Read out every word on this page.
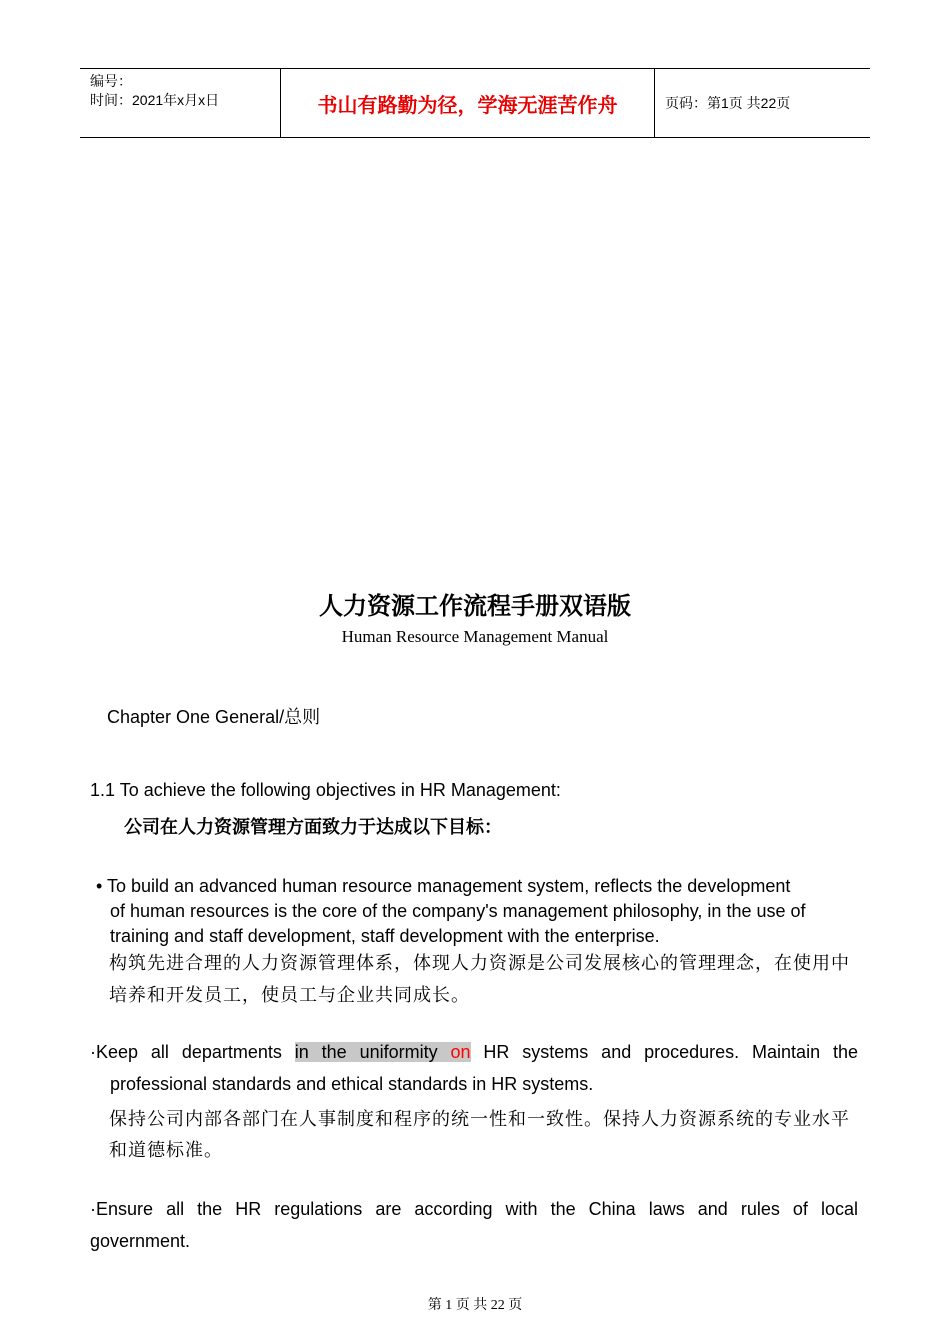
编号：
时间：2021年x月x日	书山有路勤为径，学海无涯苦作舟	页码：第1页 共22页
人力资源工作流程手册双语版
Human Resource Management Manual
Chapter One General/总则
1.1 To achieve the following objectives in HR Management:
公司在人力资源管理方面致力于达成以下目标：
• To build an advanced human resource management system, reflects the development
of human resources is the core of the company's management philosophy, in the use of
training and staff development, staff development with the enterprise.
构筑先进合理的人力资源管理体系，体现人力资源是公司发展核心的管理理念，在使用中
培养和开发员工，使员工与企业共同成长。
·Keep all departments in the uniformity on HR systems and procedures. Maintain the
professional standards and ethical standards in HR systems.
保持公司内部各部门在人事制度和程序的统一性和一致性。保持人力资源系统的专业水平
和道德标准。
·Ensure all the HR regulations are according with the China laws and rules of local
government.
第 1 页 共 22 页
